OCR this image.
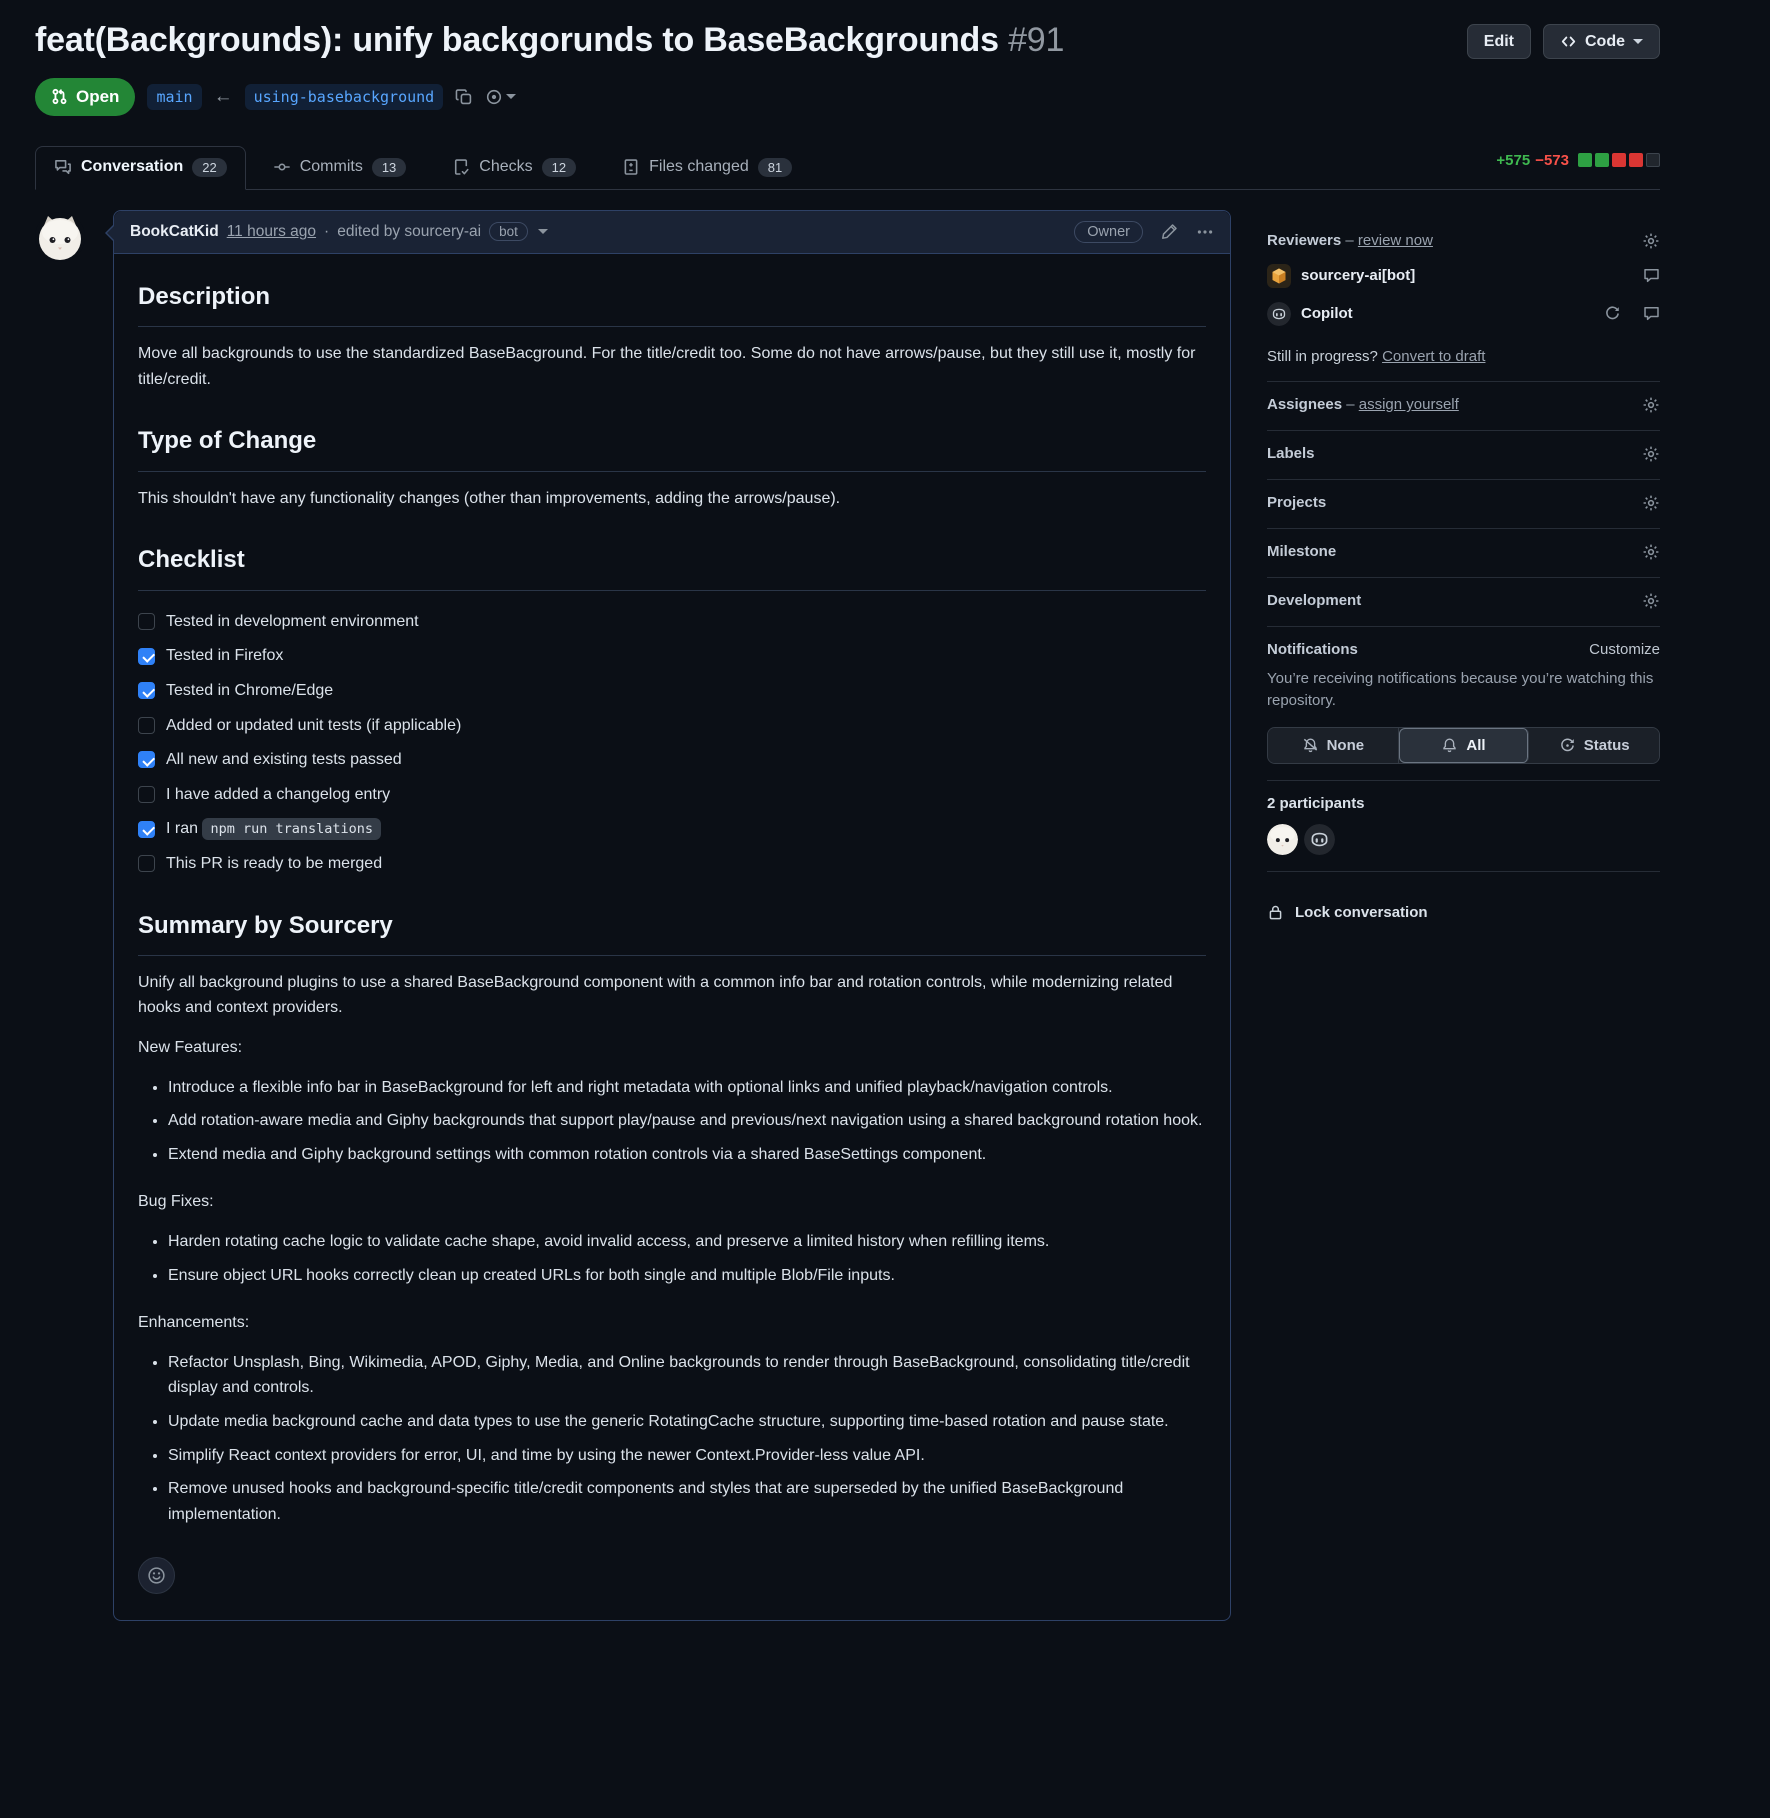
feat(Backgrounds): unify backgorunds to BaseBackgrounds #91	Edit	Code
Open	main	←	using-basebackground
Conversation	22	Commits	13	Checks	12	Files changed	81	+575 −573
BookCatKid 11 hours ago · edited by sourcery-ai	bot	Owner
Description

Move all backgrounds to use the standardized BaseBacground. For the title/credit too. Some do not have arrows/pause, but they still use it, mostly for title/credit.

Type of Change

This shouldn't have any functionality changes (other than improvements, adding the arrows/pause).

Checklist
Tested in development environment
Tested in Firefox
Tested in Chrome/Edge
Added or updated unit tests (if applicable)
All new and existing tests passed
I have added a changelog entry
I ran npm run translations
This PR is ready to be merged
Summary by Sourcery

Unify all background plugins to use a shared BaseBackground component with a common info bar and rotation controls, while modernizing related hooks and context providers.

New Features:

• Introduce a flexible info bar in BaseBackground for left and right metadata with optional links and unified playback/navigation controls.
• Add rotation-aware media and Giphy backgrounds that support play/pause and previous/next navigation using a shared background rotation hook.
• Extend media and Giphy background settings with common rotation controls via a shared BaseSettings component.

Bug Fixes:

• Harden rotating cache logic to validate cache shape, avoid invalid access, and preserve a limited history when refilling items.
• Ensure object URL hooks correctly clean up created URLs for both single and multiple Blob/File inputs.

Enhancements:

• Refactor Unsplash, Bing, Wikimedia, APOD, Giphy, Media, and Online backgrounds to render through BaseBackground, consolidating title/credit display and controls.
• Update media background cache and data types to use the generic RotatingCache structure, supporting time-based rotation and pause state.
• Simplify React context providers for error, UI, and time by using the newer Context.Provider-less value API.
• Remove unused hooks and background-specific title/credit components and styles that are superseded by the unified BaseBackground implementation.
Reviewers
–
review now
sourcery-ai[bot]
Copilot
Still in progress? Convert to draft
Assignees
–
assign yourself
Labels
Projects
Milestone
Development
Notifications	Customize

You’re receiving notifications because you’re watching this repository.

None	All	Status
2 participants
Lock conversation
